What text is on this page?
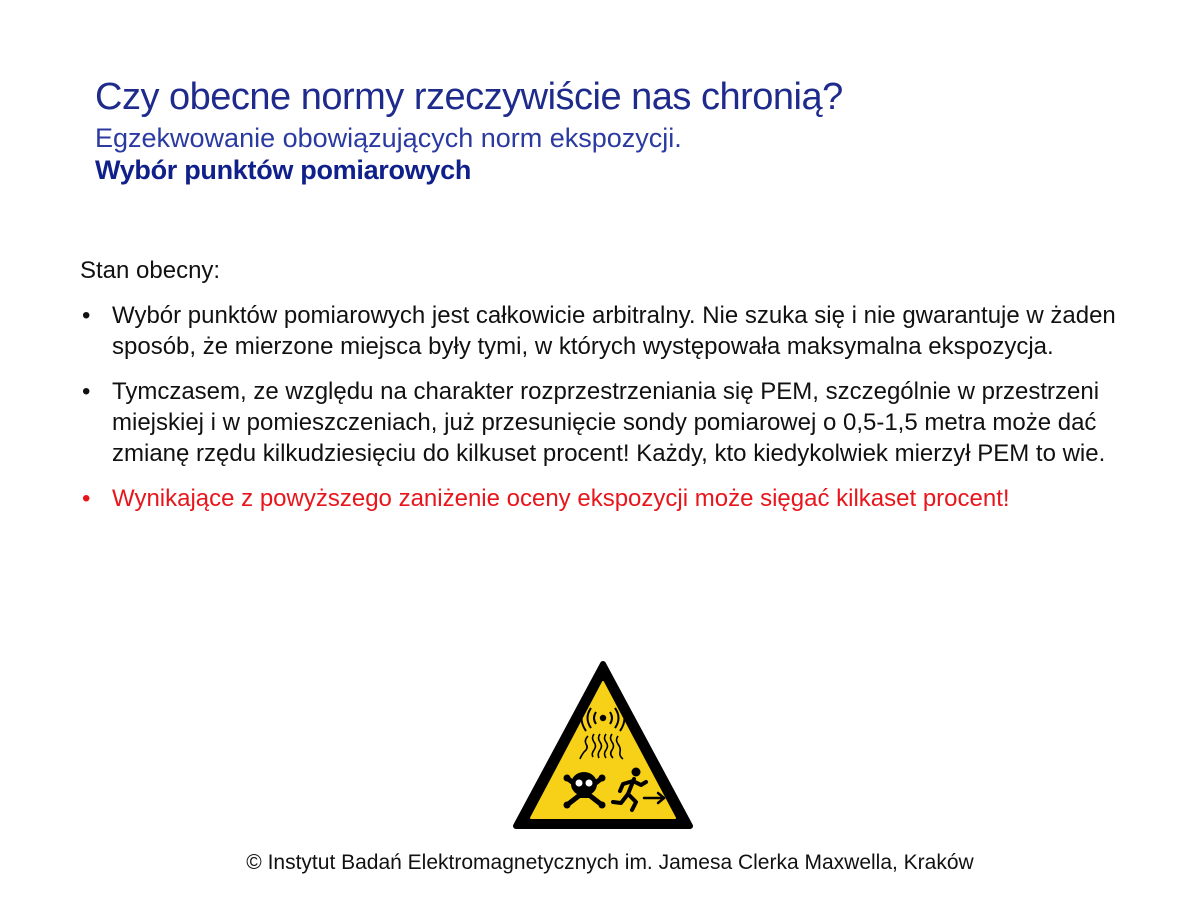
Czy obecne normy rzeczywiście nas chronią?
Egzekwowanie obowiązujących norm ekspozycji.
Wybór punktów pomiarowych
Stan obecny:
• Wybór punktów pomiarowych jest całkowicie arbitralny. Nie szuka się i nie gwarantuje w żaden sposób, że mierzone miejsca były tymi, w których występowała maksymalna ekspozycja.
• Tymczasem, ze względu na charakter rozprzestrzeniania się PEM, szczególnie w przestrzeni miejskiej i w pomieszczeniach, już przesunięcie sondy pomiarowej o 0,5-1,5 metra może dać zmianę rzędu kilkudziesięciu do kilkuset procent! Każdy, kto kiedykolwiek mierzył PEM to wie.
• Wynikające z powyższego zaniżenie oceny ekspozycji może sięgać kilkaset procent!
© Instytut Badań Elektromagnetycznych im. Jamesa Clerka Maxwella, Kraków
